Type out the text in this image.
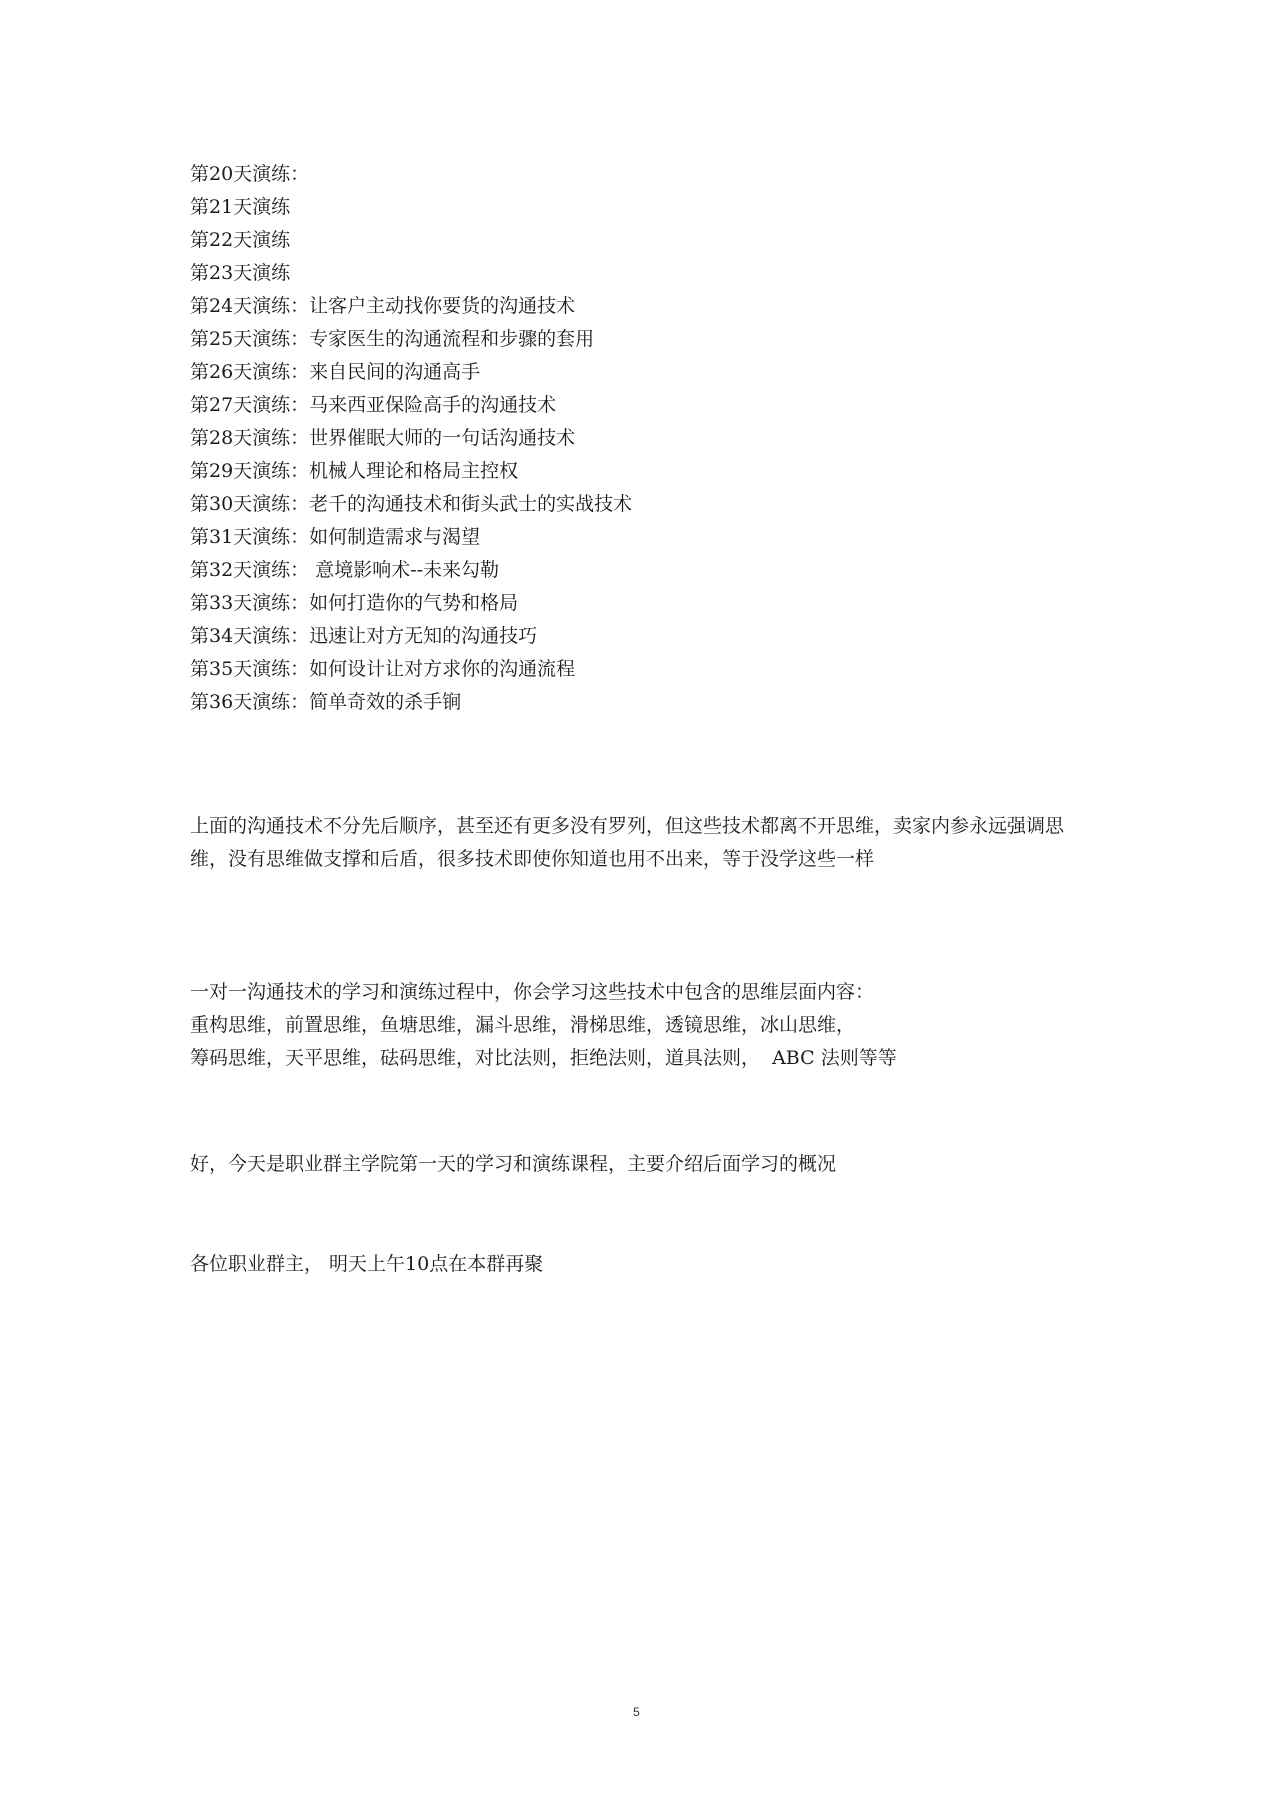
第20天演练：
第21天演练
第22天演练
第23天演练
第24天演练：让客户主动找你要货的沟通技术
第25天演练：专家医生的沟通流程和步骤的套用
第26天演练：来自民间的沟通高手
第27天演练：马来西亚保险高手的沟通技术
第28天演练：世界催眠大师的一句话沟通技术
第29天演练：机械人理论和格局主控权
第30天演练：老千的沟通技术和街头武士的实战技术
第31天演练：如何制造需求与渴望
第32天演练： 意境影响术--未来勾勒
第33天演练：如何打造你的气势和格局
第34天演练：迅速让对方无知的沟通技巧
第35天演练：如何设计让对方求你的沟通流程
第36天演练：简单奇效的杀手锏

上面的沟通技术不分先后顺序，甚至还有更多没有罗列，但这些技术都离不开思维，卖家内参永远强调思维，没有思维做支撑和后盾，很多技术即使你知道也用不出来，等于没学这些一样

一对一沟通技术的学习和演练过程中，你会学习这些技术中包含的思维层面内容：
重构思维，前置思维，鱼塘思维，漏斗思维，滑梯思维，透镜思维，冰山思维，
筹码思维，天平思维，砝码思维，对比法则，拒绝法则，道具法则，  ABC 法则等等

好，今天是职业群主学院第一天的学习和演练课程，主要介绍后面学习的概况

各位职业群主， 明天上午10点在本群再聚

5
